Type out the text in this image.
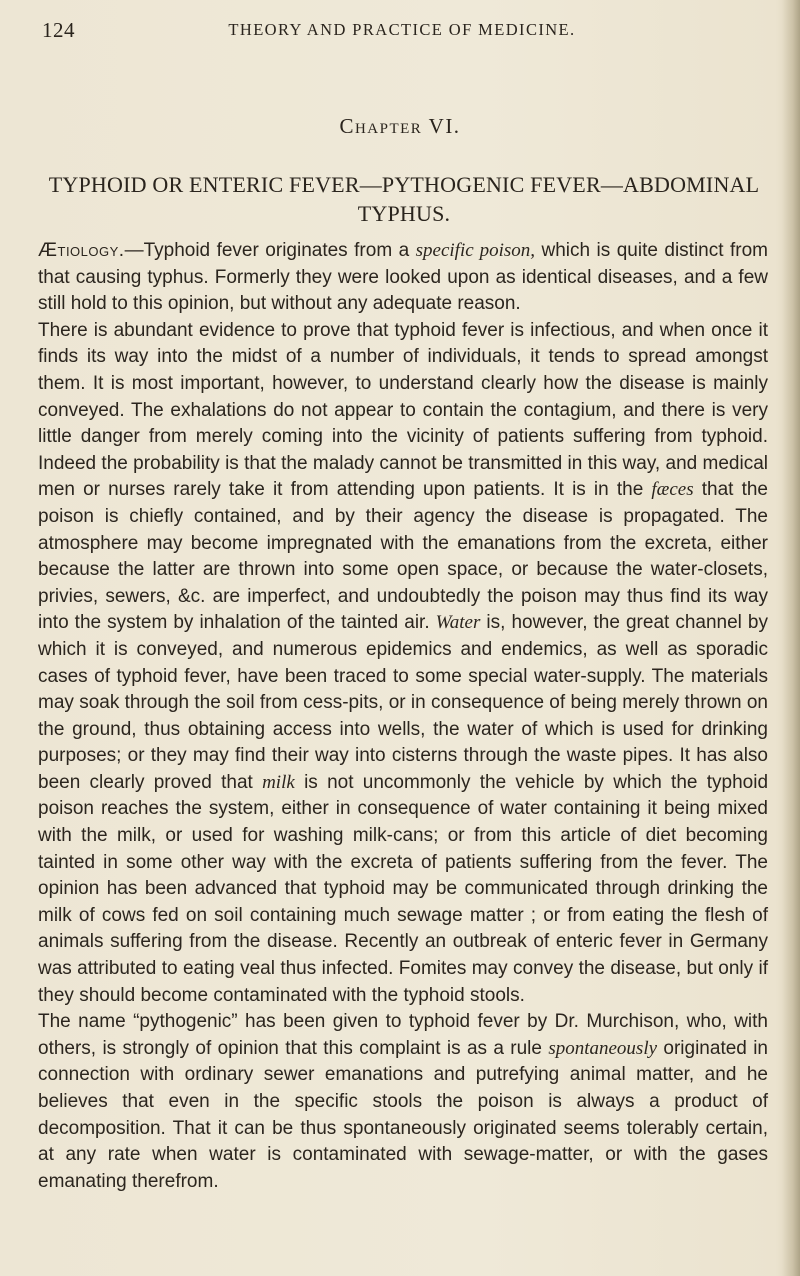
124	THEORY AND PRACTICE OF MEDICINE.
Chapter VI.
TYPHOID OR ENTERIC FEVER—PYTHOGENIC FEVER—ABDOMINAL TYPHUS.

Ætiology.—Typhoid fever originates from a specific poison, which is quite distinct from that causing typhus. Formerly they were looked upon as identical diseases, and a few still hold to this opinion, but without any adequate reason.

There is abundant evidence to prove that typhoid fever is infectious, and when once it finds its way into the midst of a number of individuals, it tends to spread amongst them. It is most important, however, to understand clearly how the disease is mainly conveyed. The exhalations do not appear to contain the contagium, and there is very little danger from merely coming into the vicinity of patients suffering from typhoid. Indeed the probability is that the malady cannot be transmitted in this way, and medical men or nurses rarely take it from attending upon patients. It is in the fæces that the poison is chiefly contained, and by their agency the disease is propagated. The atmosphere may become impregnated with the emanations from the excreta, either because the latter are thrown into some open space, or because the water-closets, privies, sewers, &c. are imperfect, and undoubtedly the poison may thus find its way into the system by inhalation of the tainted air. Water is, however, the great channel by which it is conveyed, and numerous epidemics and endemics, as well as sporadic cases of typhoid fever, have been traced to some special water-supply. The materials may soak through the soil from cess-pits, or in consequence of being merely thrown on the ground, thus obtaining access into wells, the water of which is used for drinking purposes; or they may find their way into cisterns through the waste pipes. It has also been clearly proved that milk is not uncommonly the vehicle by which the typhoid poison reaches the system, either in consequence of water containing it being mixed with the milk, or used for washing milk-cans; or from this article of diet becoming tainted in some other way with the excreta of patients suffering from the fever. The opinion has been advanced that typhoid may be communicated through drinking the milk of cows fed on soil containing much sewage matter ; or from eating the flesh of animals suffering from the disease. Recently an outbreak of enteric fever in Germany was attributed to eating veal thus infected. Fomites may convey the disease, but only if they should become contaminated with the typhoid stools.

The name “pythogenic” has been given to typhoid fever by Dr. Murchison, who, with others, is strongly of opinion that this complaint is as a rule spontaneously originated in connection with ordinary sewer emanations and putrefying animal matter, and he believes that even in the specific stools the poison is always a product of decomposition. That it can be thus spontaneously originated seems tolerably certain, at any rate when water is contaminated with sewage-matter, or with the gases emanating therefrom.
